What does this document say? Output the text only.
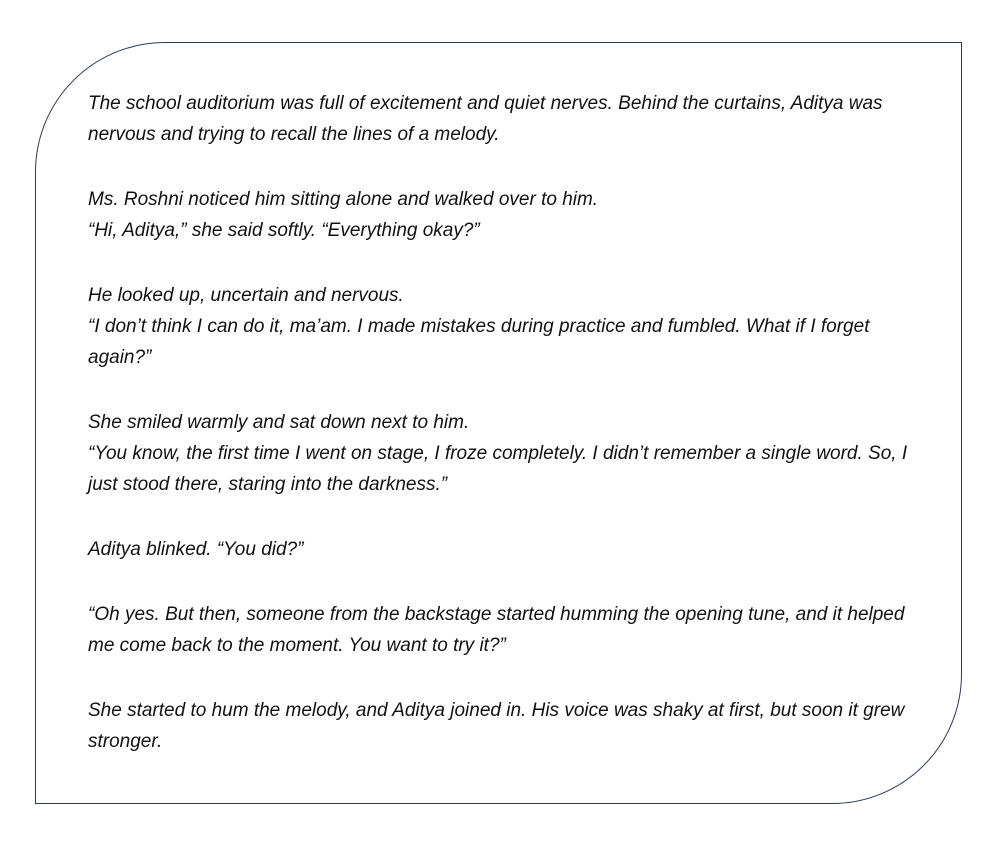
The school auditorium was full of excitement and quiet nerves. Behind the curtains, Aditya was nervous and trying to recall the lines of a melody.

Ms. Roshni noticed him sitting alone and walked over to him.
“Hi, Aditya,” she said softly. “Everything okay?”

He looked up, uncertain and nervous.
“I don’t think I can do it, ma’am. I made mistakes during practice and fumbled. What if I forget again?”

She smiled warmly and sat down next to him.
“You know, the first time I went on stage, I froze completely. I didn’t remember a single word. So, I just stood there, staring into the darkness.”

Aditya blinked. “You did?”

“Oh yes. But then, someone from the backstage started humming the opening tune, and it helped me come back to the moment. You want to try it?”

She started to hum the melody, and Aditya joined in. His voice was shaky at first, but soon it grew stronger.
